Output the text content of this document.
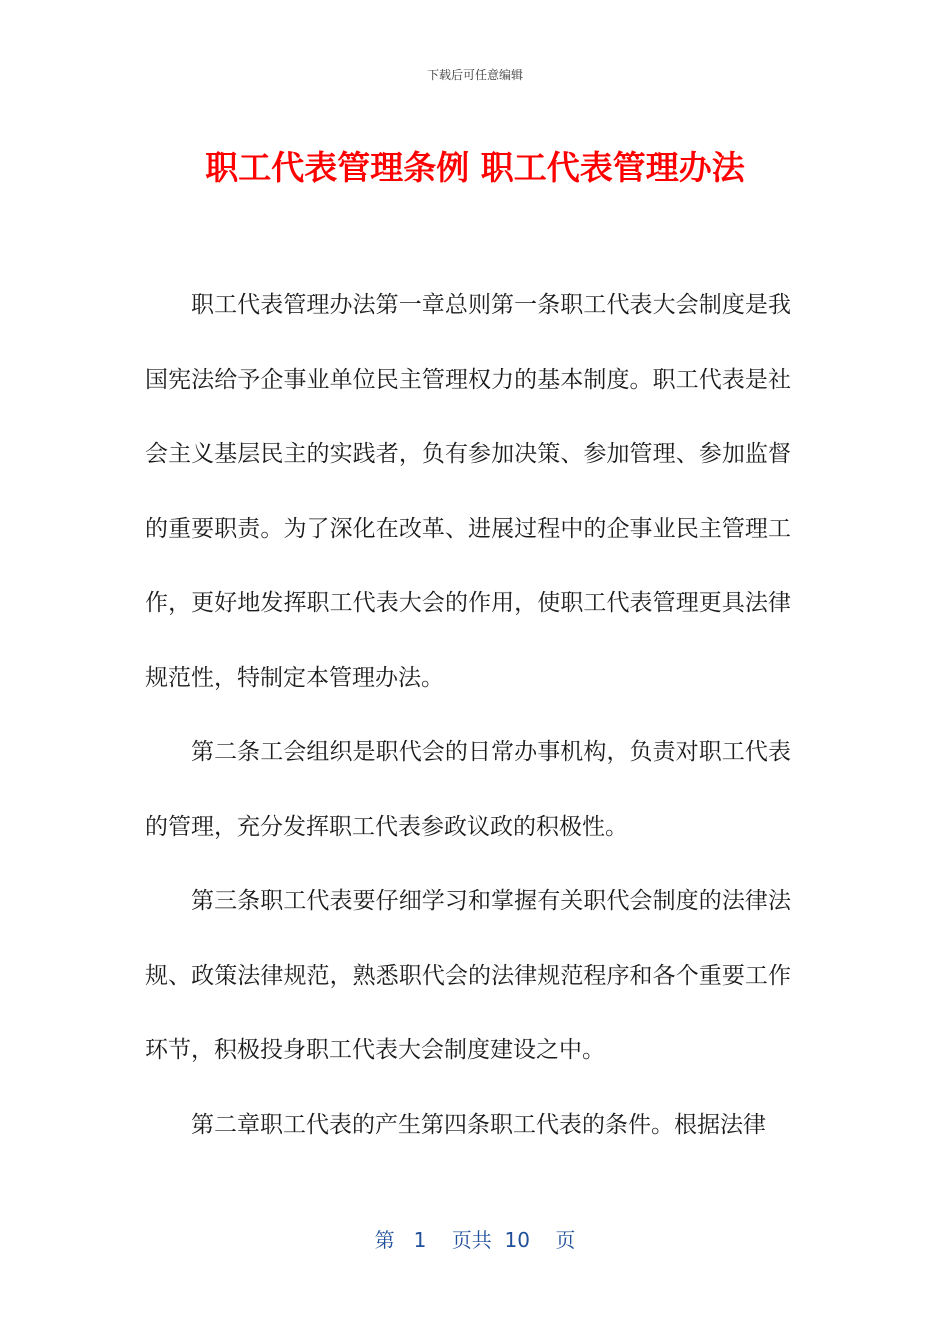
下载后可任意编辑
职工代表管理条例 职工代表管理办法

职工代表管理办法第一章总则第一条职工代表大会制度是我国宪法给予企事业单位民主管理权力的基本制度。职工代表是社会主义基层民主的实践者，负有参加决策、参加管理、参加监督的重要职责。为了深化在改革、进展过程中的企事业民主管理工作，更好地发挥职工代表大会的作用，使职工代表管理更具法律规范性，特制定本管理办法。

第二条工会组织是职代会的日常办事机构，负责对职工代表的管理，充分发挥职工代表参政议政的积极性。

第三条职工代表要仔细学习和掌握有关职代会制度的法律法规、政策法律规范，熟悉职代会的法律规范程序和各个重要工作环节，积极投身职工代表大会制度建设之中。

第二章职工代表的产生第四条职工代表的条件。根据法律

第 1 页共 10 页
